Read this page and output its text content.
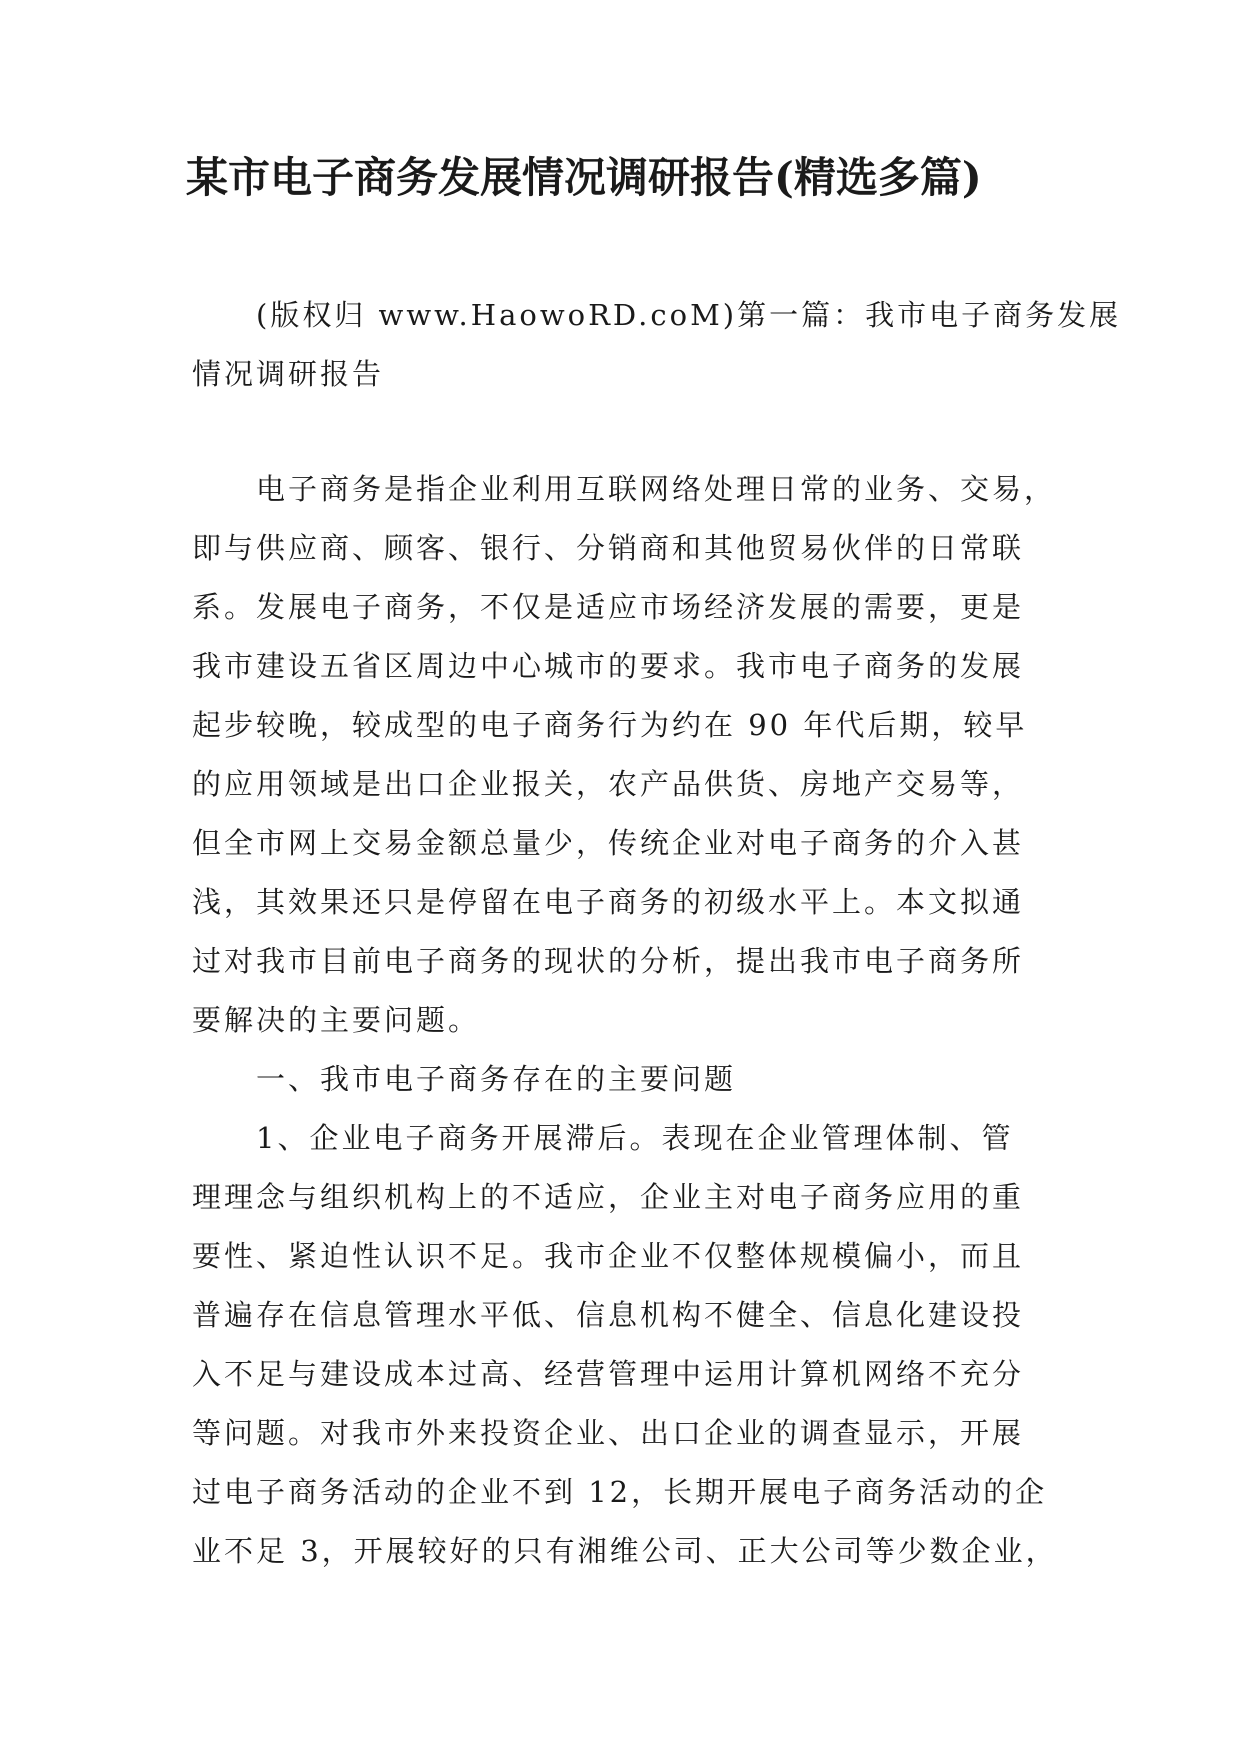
某市电子商务发展情况调研报告(精选多篇)
(版权归 www.HaowoRD.coM)第一篇：我市电子商务发展
情况调研报告
电子商务是指企业利用互联网络处理日常的业务、交易，
即与供应商、顾客、银行、分销商和其他贸易伙伴的日常联
系。发展电子商务，不仅是适应市场经济发展的需要，更是
我市建设五省区周边中心城市的要求。我市电子商务的发展
起步较晚，较成型的电子商务行为约在 90 年代后期，较早
的应用领域是出口企业报关，农产品供货、房地产交易等，
但全市网上交易金额总量少，传统企业对电子商务的介入甚
浅，其效果还只是停留在电子商务的初级水平上。本文拟通
过对我市目前电子商务的现状的分析，提出我市电子商务所
要解决的主要问题。
一、我市电子商务存在的主要问题
1、企业电子商务开展滞后。表现在企业管理体制、管
理理念与组织机构上的不适应，企业主对电子商务应用的重
要性、紧迫性认识不足。我市企业不仅整体规模偏小，而且
普遍存在信息管理水平低、信息机构不健全、信息化建设投
入不足与建设成本过高、经营管理中运用计算机网络不充分
等问题。对我市外来投资企业、出口企业的调查显示，开展
过电子商务活动的企业不到 12，长期开展电子商务活动的企
业不足 3，开展较好的只有湘维公司、正大公司等少数企业，
